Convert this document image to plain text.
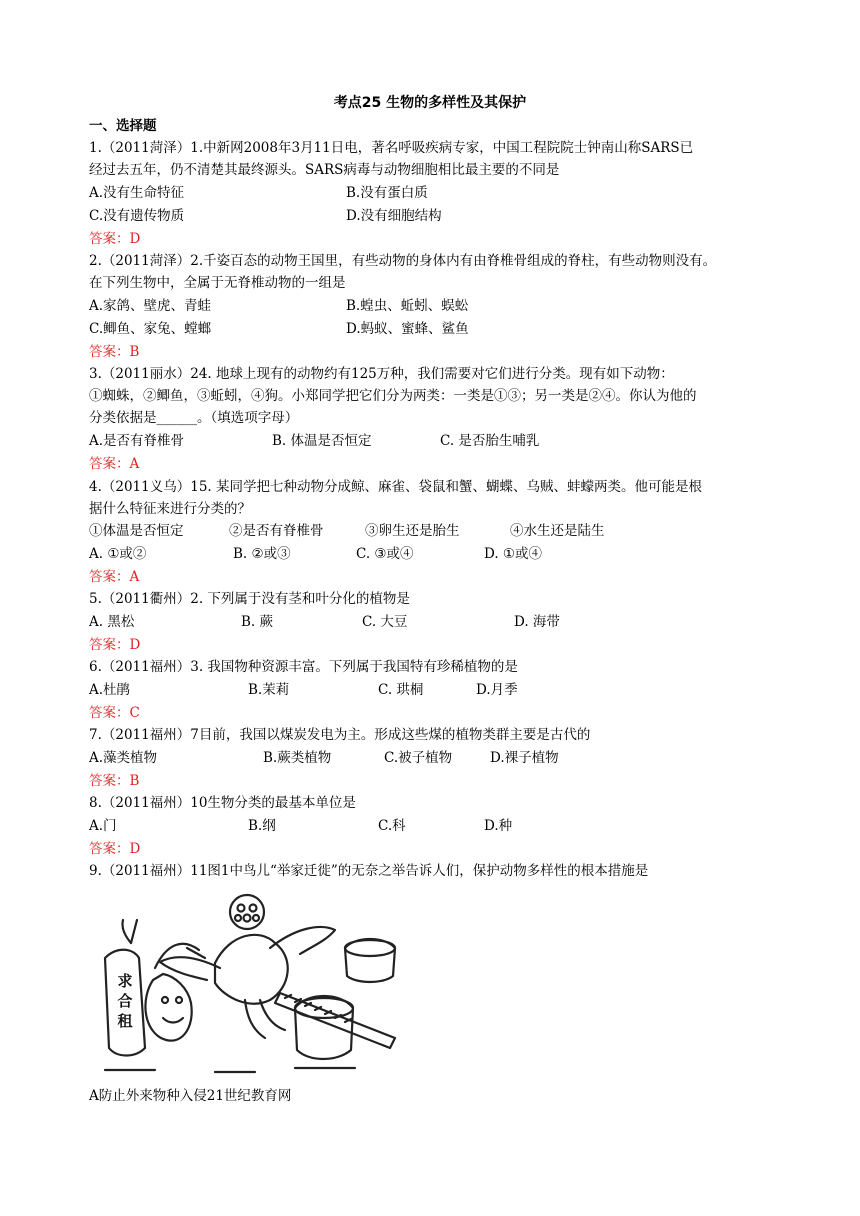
考点25 生物的多样性及其保护
一、选择题
1.（2011菏泽）1.中新网2008年3月11日电，著名呼吸疾病专家，中国工程院院士钟南山称SARS已
经过去五年，仍不清楚其最终源头。SARS病毒与动物细胞相比最主要的不同是
A.没有生命特征	B.没有蛋白质
C.没有遗传物质	D.没有细胞结构
答案：D
2.（2011菏泽）2.千姿百态的动物王国里，有些动物的身体内有由脊椎骨组成的脊柱，有些动物则没有。
在下列生物中，全属于无脊椎动物的一组是
A.家鸽、壁虎、青蛙	B.蝗虫、蚯蚓、蜈蚣
C.鲫鱼、家兔、螳螂	D.蚂蚁、蜜蜂、鲨鱼
答案：B
3.（2011丽水）24. 地球上现有的动物约有125万种，我们需要对它们进行分类。现有如下动物：
①蜘蛛，②鲫鱼，③蚯蚓，④狗。小郑同学把它们分为两类：一类是①③；另一类是②④。你认为他的
分类依据是______。（填选项字母）
A.是否有脊椎骨	B. 体温是否恒定	C. 是否胎生哺乳
答案：A
4.（2011义乌）15. 某同学把七种动物分成鲸、麻雀、袋鼠和蟹、蝴蝶、乌贼、蚌蠓两类。他可能是根
据什么特征来进行分类的？
①体温是否恒定	②是否有脊椎骨	③卵生还是胎生	④水生还是陆生
A. ①或②	B. ②或③	C. ③或④	D. ①或④
答案：A
5.（2011衢州）2. 下列属于没有茎和叶分化的植物是
A. 黑松	B. 蕨	C. 大豆	D. 海带
答案：D
6.（2011福州）3. 我国物种资源丰富。下列属于我国特有珍稀植物的是
A.杜鹃	B.茉莉	C. 珙桐	D.月季
答案：C
7.（2011福州）7目前，我国以煤炭发电为主。形成这些煤的植物类群主要是古代的
A.藻类植物	B.蕨类植物	C.被子植物	D.裸子植物
答案：B
8.（2011福州）10生物分类的最基本单位是
A.门	B.纲	C.科	D.种
答案：D
9.（2011福州）11图1中鸟儿“举家迁徙”的无奈之举告诉人们，保护动物多样性的根本措施是
求合租
A防止外来物种入侵21世纪教育网
